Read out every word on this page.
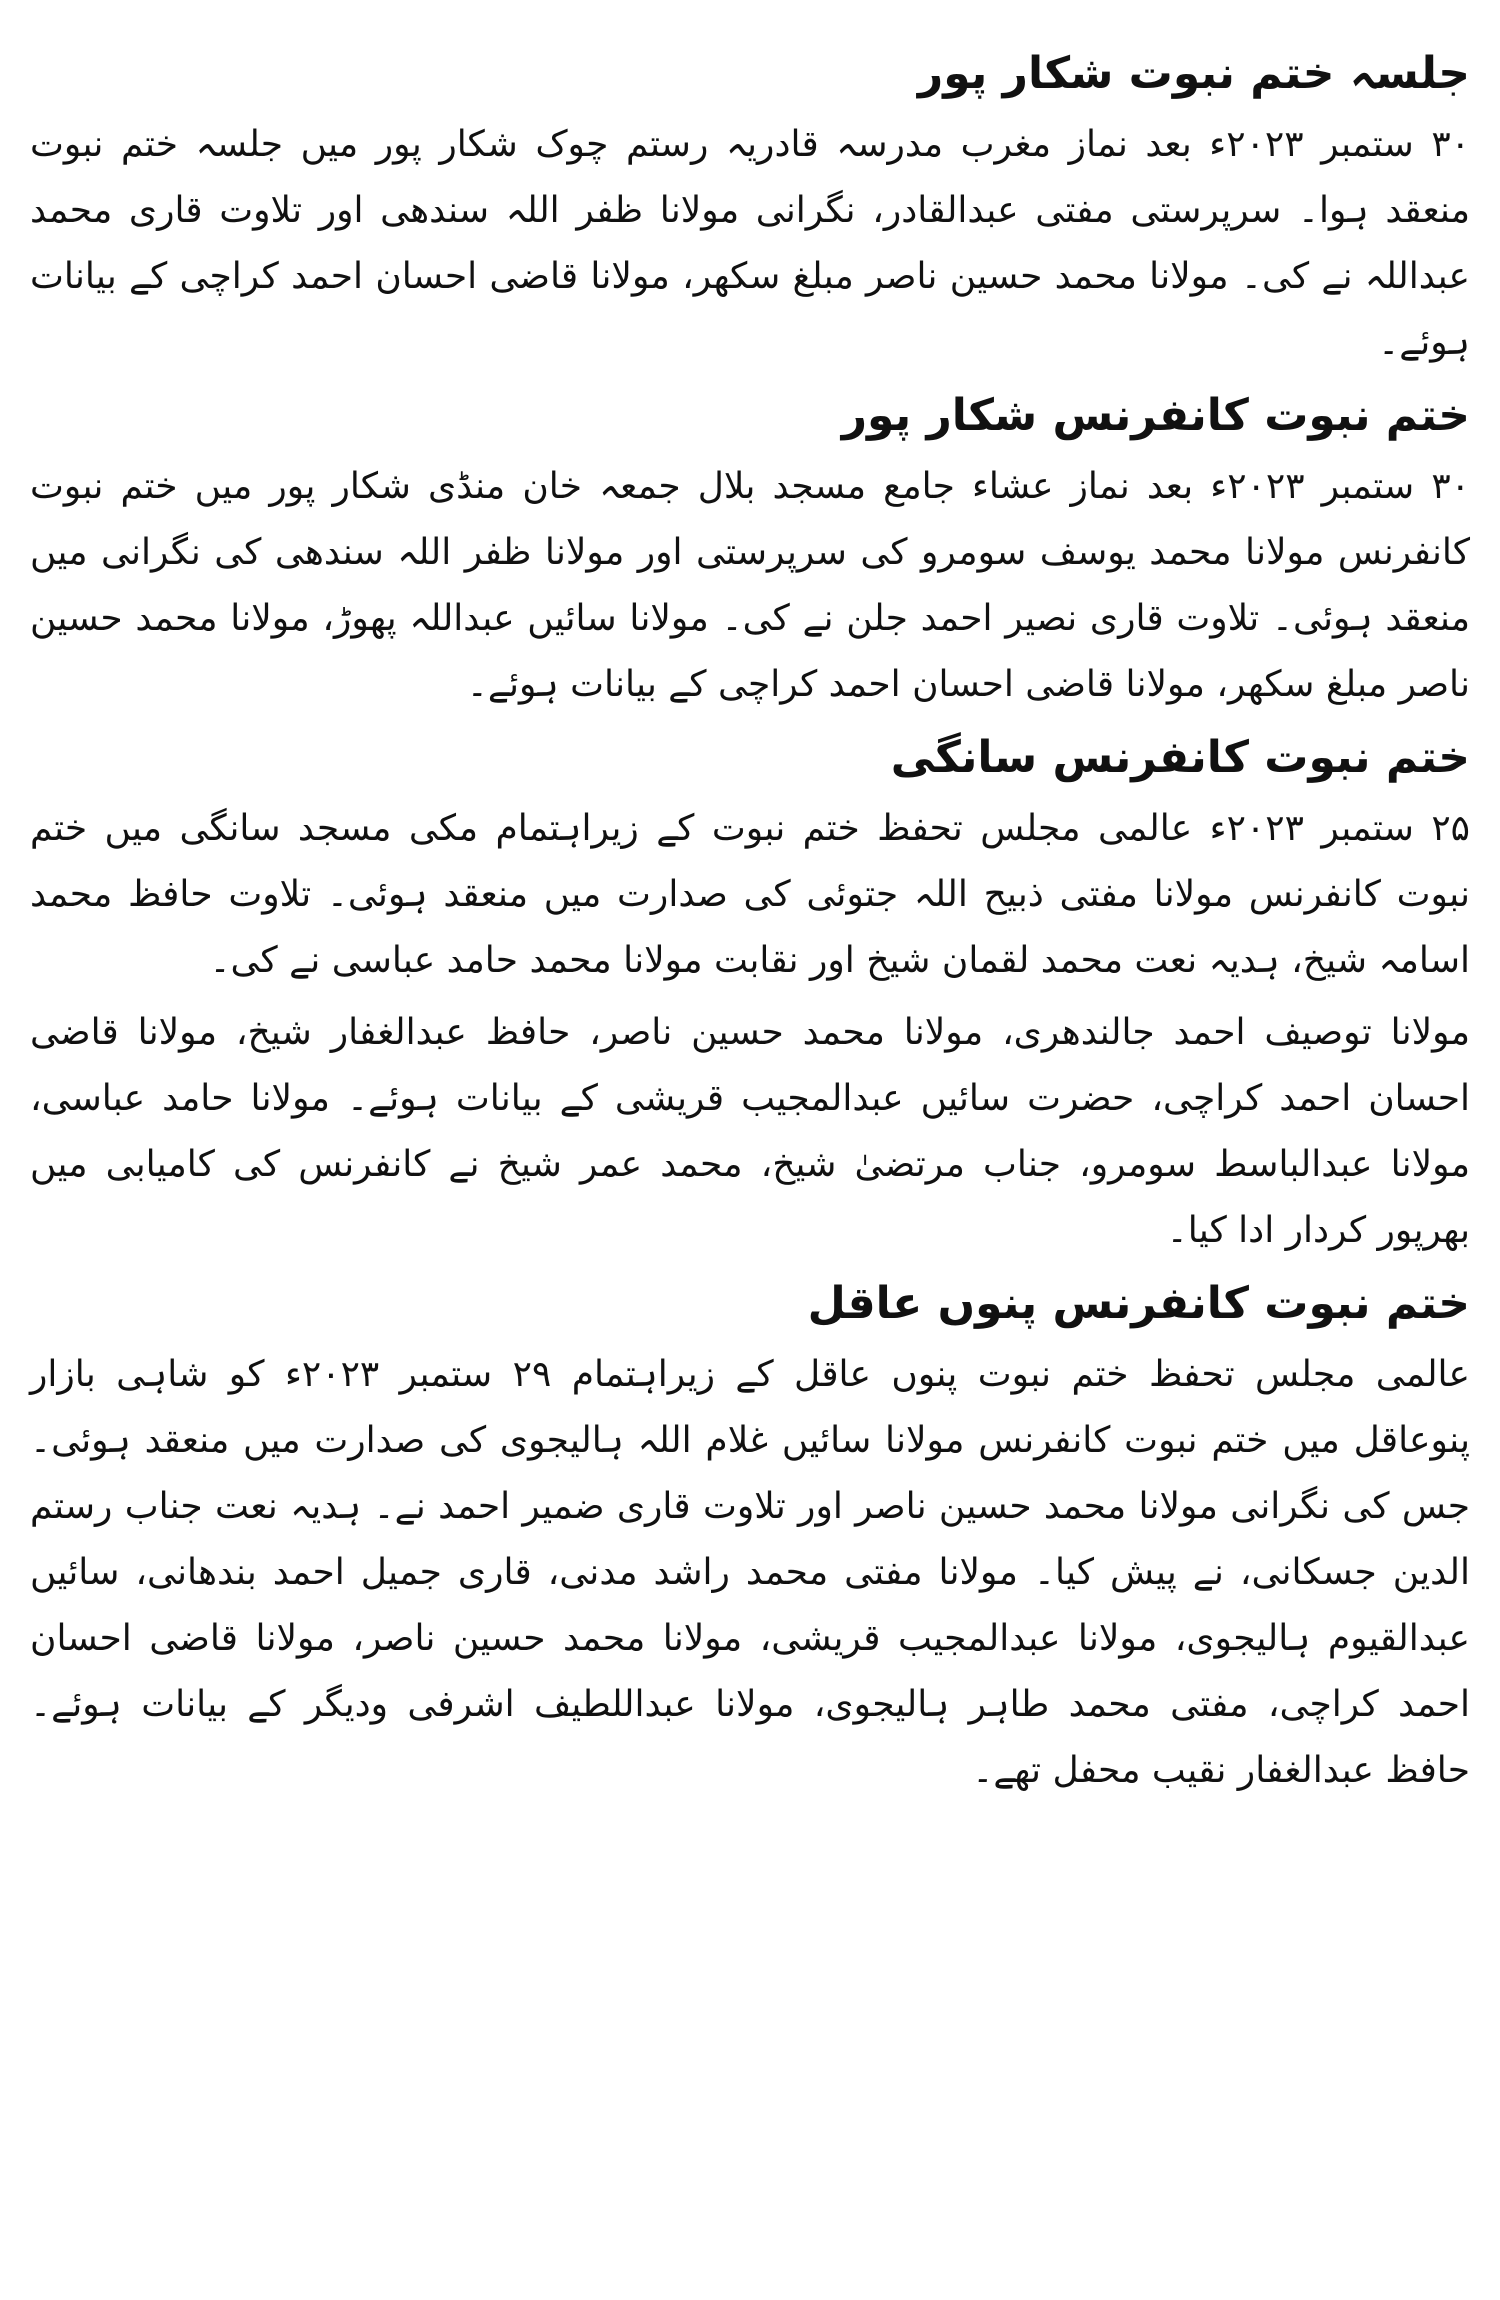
جلسہ ختم نبوت شکار پور

۳۰ ستمبر ۲۰۲۳ء بعد نماز مغرب مدرسہ قادریہ رستم چوک شکار پور میں جلسہ ختم نبوت منعقد ہوا۔ سرپرستی مفتی عبدالقادر، نگرانی مولانا ظفر اللہ سندھی اور تلاوت قاری محمد عبداللہ نے کی۔ مولانا محمد حسین ناصر مبلغ سکھر، مولانا قاضی احسان احمد کراچی کے بیانات ہوئے۔

ختم نبوت کانفرنس شکار پور

۳۰ ستمبر ۲۰۲۳ء بعد نماز عشاء جامع مسجد بلال جمعہ خان منڈی شکار پور میں ختم نبوت کانفرنس مولانا محمد یوسف سومرو کی سرپرستی اور مولانا ظفر اللہ سندھی کی نگرانی میں منعقد ہوئی۔ تلاوت قاری نصیر احمد جلن نے کی۔ مولانا سائیں عبداللہ پھوڑ، مولانا محمد حسین ناصر مبلغ سکھر، مولانا قاضی احسان احمد کراچی کے بیانات ہوئے۔

ختم نبوت کانفرنس سانگی

۲۵ ستمبر ۲۰۲۳ء عالمی مجلس تحفظ ختم نبوت کے زیراہتمام مکی مسجد سانگی میں ختم نبوت کانفرنس مولانا مفتی ذبیح اللہ جتوئی کی صدارت میں منعقد ہوئی۔ تلاوت حافظ محمد اسامہ شیخ، ہدیہ نعت محمد لقمان شیخ اور نقابت مولانا محمد حامد عباسی نے کی۔

مولانا توصیف احمد جالندھری، مولانا محمد حسین ناصر، حافظ عبدالغفار شیخ، مولانا قاضی احسان احمد کراچی، حضرت سائیں عبدالمجیب قریشی کے بیانات ہوئے۔ مولانا حامد عباسی، مولانا عبدالباسط سومرو، جناب مرتضیٰ شیخ، محمد عمر شیخ نے کانفرنس کی کامیابی میں بھرپور کردار ادا کیا۔

ختم نبوت کانفرنس پنوں عاقل

عالمی مجلس تحفظ ختم نبوت پنوں عاقل کے زیراہتمام ۲۹ ستمبر ۲۰۲۳ء کو شاہی بازار پنوعاقل میں ختم نبوت کانفرنس مولانا سائیں غلام اللہ ہالیجوی کی صدارت میں منعقد ہوئی۔ جس کی نگرانی مولانا محمد حسین ناصر اور تلاوت قاری ضمیر احمد نے۔ ہدیہ نعت جناب رستم الدین جسکانی، نے پیش کیا۔ مولانا مفتی محمد راشد مدنی، قاری جمیل احمد بندھانی، سائیں عبدالقیوم ہالیجوی، مولانا عبدالمجیب قریشی، مولانا محمد حسین ناصر، مولانا قاضی احسان احمد کراچی، مفتی محمد طاہر ہالیجوی، مولانا عبداللطیف اشرفی ودیگر کے بیانات ہوئے۔ حافظ عبدالغفار نقیب محفل تھے۔
